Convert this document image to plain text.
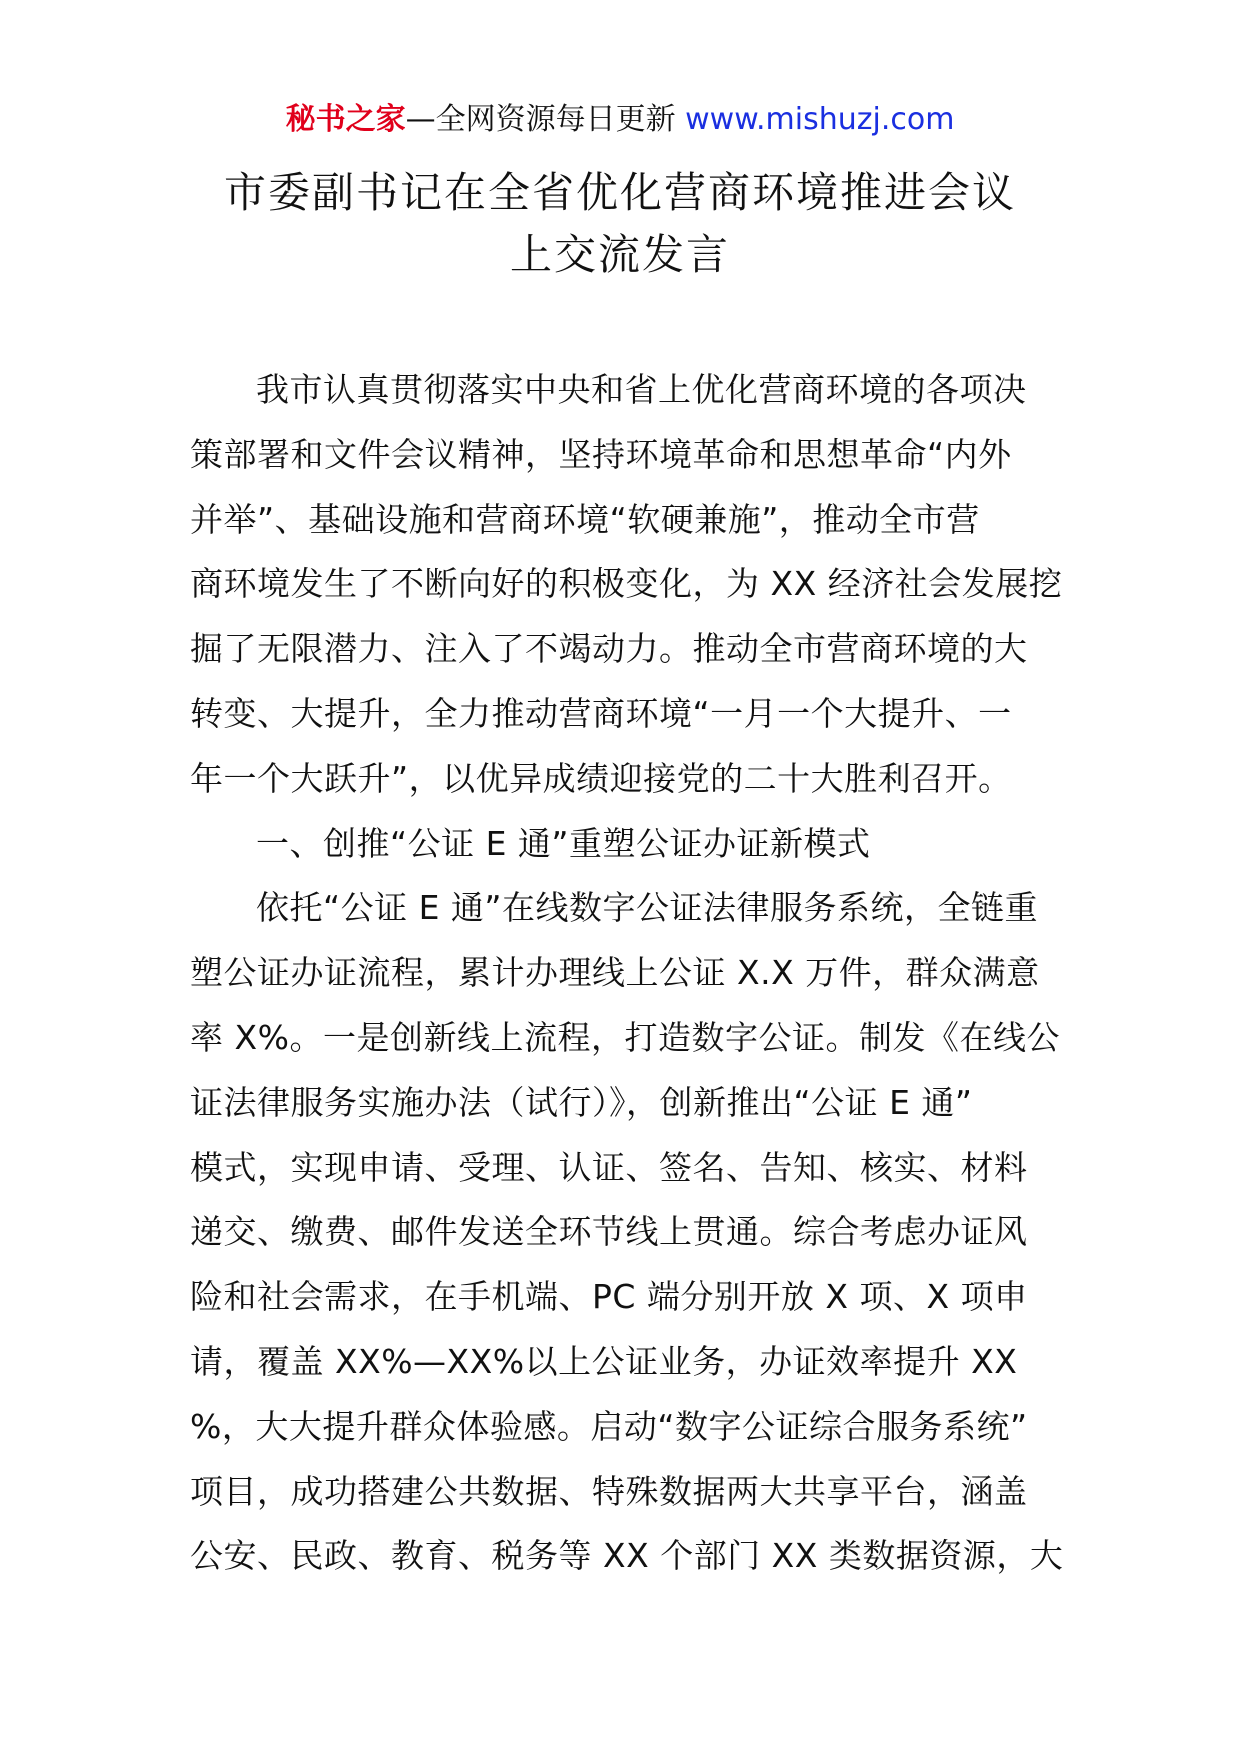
秘书之家—全网资源每日更新 www.mishuzj.com
市委副书记在全省优化营商环境推进会议
上交流发言
我市认真贯彻落实中央和省上优化营商环境的各项决
策部署和文件会议精神，坚持环境革命和思想革命“内外
并举”、基础设施和营商环境“软硬兼施”，推动全市营
商环境发生了不断向好的积极变化，为 XX 经济社会发展挖
掘了无限潜力、注入了不竭动力。推动全市营商环境的大
转变、大提升，全力推动营商环境“一月一个大提升、一
年一个大跃升”，以优异成绩迎接党的二十大胜利召开。
一、创推“公证 E 通”重塑公证办证新模式
依托“公证 E 通”在线数字公证法律服务系统，全链重
塑公证办证流程，累计办理线上公证 X.X 万件，群众满意
率 X%。一是创新线上流程，打造数字公证。制发《在线公
证法律服务实施办法（试行）》，创新推出“公证 E 通”
模式，实现申请、受理、认证、签名、告知、核实、材料
递交、缴费、邮件发送全环节线上贯通。综合考虑办证风
险和社会需求，在手机端、PC 端分别开放 X 项、X 项申
请，覆盖 XX%—XX%以上公证业务，办证效率提升 XX
%，大大提升群众体验感。启动“数字公证综合服务系统”
项目，成功搭建公共数据、特殊数据两大共享平台，涵盖
公安、民政、教育、税务等 XX 个部门 XX 类数据资源，大
